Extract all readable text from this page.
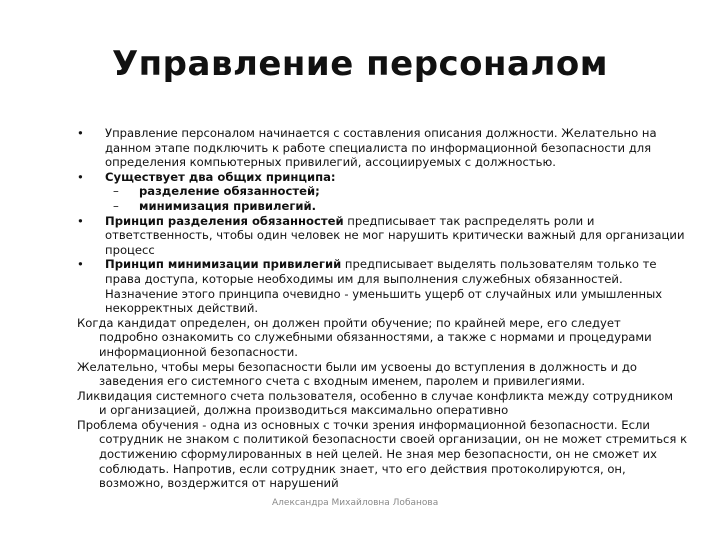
Управление персоналом
• Управление персоналом начинается с составления описания должности. Желательно на данном этапе подключить к работе специалиста по информационной безопасности для определения компьютерных привилегий, ассоциируемых с должностью.
• Существует два общих принципа:
– разделение обязанностей;
– минимизация привилегий.
• Принцип разделения обязанностей предписывает так распределять роли и ответственность, чтобы один человек не мог нарушить критически важный для организации процесс
• Принцип минимизации привилегий предписывает выделять пользователям только те права доступа, которые необходимы им для выполнения служебных обязанностей. Назначение этого принципа очевидно - уменьшить ущерб от случайных или умышленных некорректных действий.
Когда кандидат определен, он должен пройти обучение; по крайней мере, его следует
подробно ознакомить со служебными обязанностями, а также с нормами и процедурами информационной безопасности.
Желательно, чтобы меры безопасности были им усвоены до вступления в должность и до
заведения его системного счета с входным именем, паролем и привилегиями.
Ликвидация системного счета пользователя, особенно в случае конфликта между сотрудником
и организацией, должна производиться максимально оперативно
Проблема обучения - одна из основных с точки зрения информационной безопасности. Если
сотрудник не знаком с политикой безопасности своей организации, он не может стремиться к достижению сформулированных в ней целей. Не зная мер безопасности, он не сможет их соблюдать. Напротив, если сотрудник знает, что его действия протоколируются, он, возможно, воздержится от нарушений
Александра Михайловна Лобанова
